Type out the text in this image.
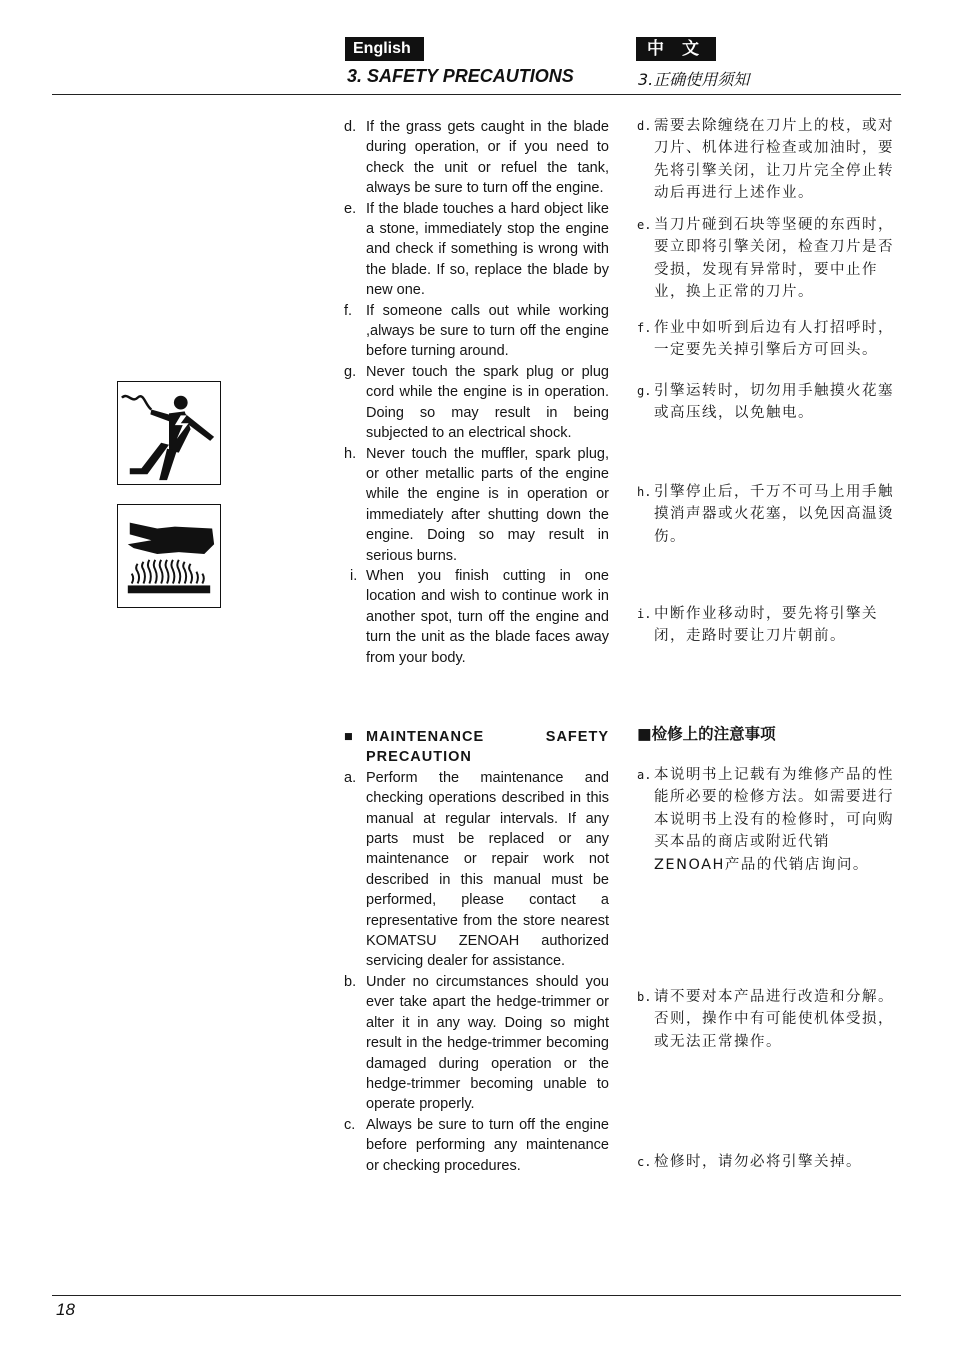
English	中 文
3. SAFETY PRECAUTIONS	3.正确使用须知
d. If the grass gets caught in the blade during operation, or if you need to check the unit or refuel the tank, always be sure to turn off the engine.
e. If the blade touches a hard object like a stone, immediately stop the engine and check if something is wrong with the blade. If so, replace the blade by new one.
f. If someone calls out while working ,always be sure to turn off the engine before turning around.
g. Never touch the spark plug or plug cord while the engine is in operation. Doing so may result in being subjected to an electrical shock.
h. Never touch the muffler, spark plug, or other metallic parts of the engine while the engine is in operation or immediately after shutting down the engine. Doing so may result in serious burns.
i. When you finish cutting in one location and wish to continue work in another spot, turn off the engine and turn the unit as the blade faces away from your body.
■ MAINTENANCE SAFETY
PRECAUTION
a. Perform the maintenance and checking operations described in this manual at regular intervals. If any parts must be replaced or any maintenance or repair work not described in this manual must be performed, please contact a representative from the store nearest KOMATSU ZENOAH authorized servicing dealer for assistance.
b. Under no circumstances should you ever take apart the hedge-trimmer or alter it in any way. Doing so might result in the hedge-trimmer becoming damaged during operation or the hedge-trimmer becoming unable to operate properly.
c. Always be sure to turn off the engine before performing any maintenance or checking procedures.
d. 需要去除缠绕在刀片上的枝，或对刀片、机体进行检查或加油时，要先将引擎关闭，让刀片完全停止转动后再进行上述作业。
e. 当刀片碰到石块等坚硬的东西时，要立即将引擎关闭，检查刀片是否受损，发现有异常时，要中止作业，换上正常的刀片。
f. 作业中如听到后边有人打招呼时，一定要先关掉引擎后方可回头。
g. 引擎运转时，切勿用手触摸火花塞或高压线，以免触电。
h. 引擎停止后，千万不可马上用手触摸消声器或火花塞，以免因高温烫伤。
i. 中断作业移动时，要先将引擎关闭，走路时要让刀片朝前。
■检修上的注意事项
a. 本说明书上记载有为维修产品的性能所必要的检修方法。如需要进行本说明书上没有的检修时，可向购买本品的商店或附近代销ZENOAH产品的代销店询问。
b. 请不要对本产品进行改造和分解。否则，操作中有可能使机体受损，或无法正常操作。
c. 检修时，请勿必将引擎关掉。
18
